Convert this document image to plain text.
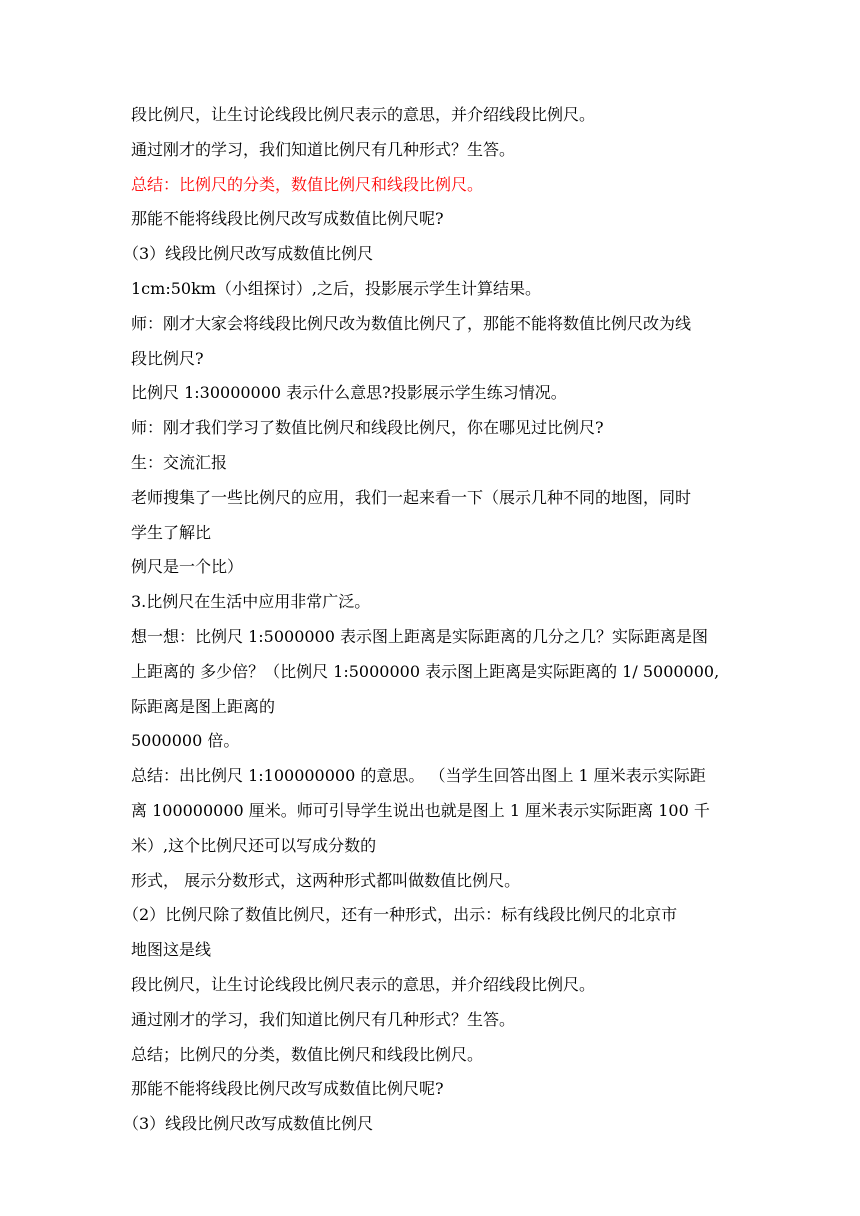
段比例尺，让生讨论线段比例尺表示的意思，并介绍线段比例尺。
通过刚才的学习，我们知道比例尺有几种形式？生答。
总结：比例尺的分类，数值比例尺和线段比例尺。
那能不能将线段比例尺改写成数值比例尺呢?
（3）线段比例尺改写成数值比例尺
1cm:50km（小组探讨）,之后，投影展示学生计算结果。
师：刚才大家会将线段比例尺改为数值比例尺了，那能不能将数值比例尺改为线
段比例尺?
比例尺 1:30000000 表示什么意思?投影展示学生练习情况。
师：刚才我们学习了数值比例尺和线段比例尺，你在哪见过比例尺?
生：交流汇报
老师搜集了一些比例尺的应用，我们一起来看一下（展示几种不同的地图，同时
学生了解比
例尺是一个比）
3.比例尺在生活中应用非常广泛。
想一想：比例尺 1:5000000 表示图上距离是实际距离的几分之几？实际距离是图
上距离的 多少倍？（比例尺 1:5000000 表示图上距离是实际距离的 1/ 5000000,
际距离是图上距离的
5000000 倍。
总结：出比例尺 1:100000000 的意思。 （当学生回答出图上 1 厘米表示实际距
离 100000000 厘米。师可引导学生说出也就是图上 1 厘米表示实际距离 100 千
米）,这个比例尺还可以写成分数的
形式， 展示分数形式，这两种形式都叫做数值比例尺。
（2）比例尺除了数值比例尺，还有一种形式，出示：标有线段比例尺的北京市
地图这是线
段比例尺，让生讨论线段比例尺表示的意思，并介绍线段比例尺。
通过刚才的学习，我们知道比例尺有几种形式？生答。
总结；比例尺的分类，数值比例尺和线段比例尺。
那能不能将线段比例尺改写成数值比例尺呢?
（3）线段比例尺改写成数值比例尺
